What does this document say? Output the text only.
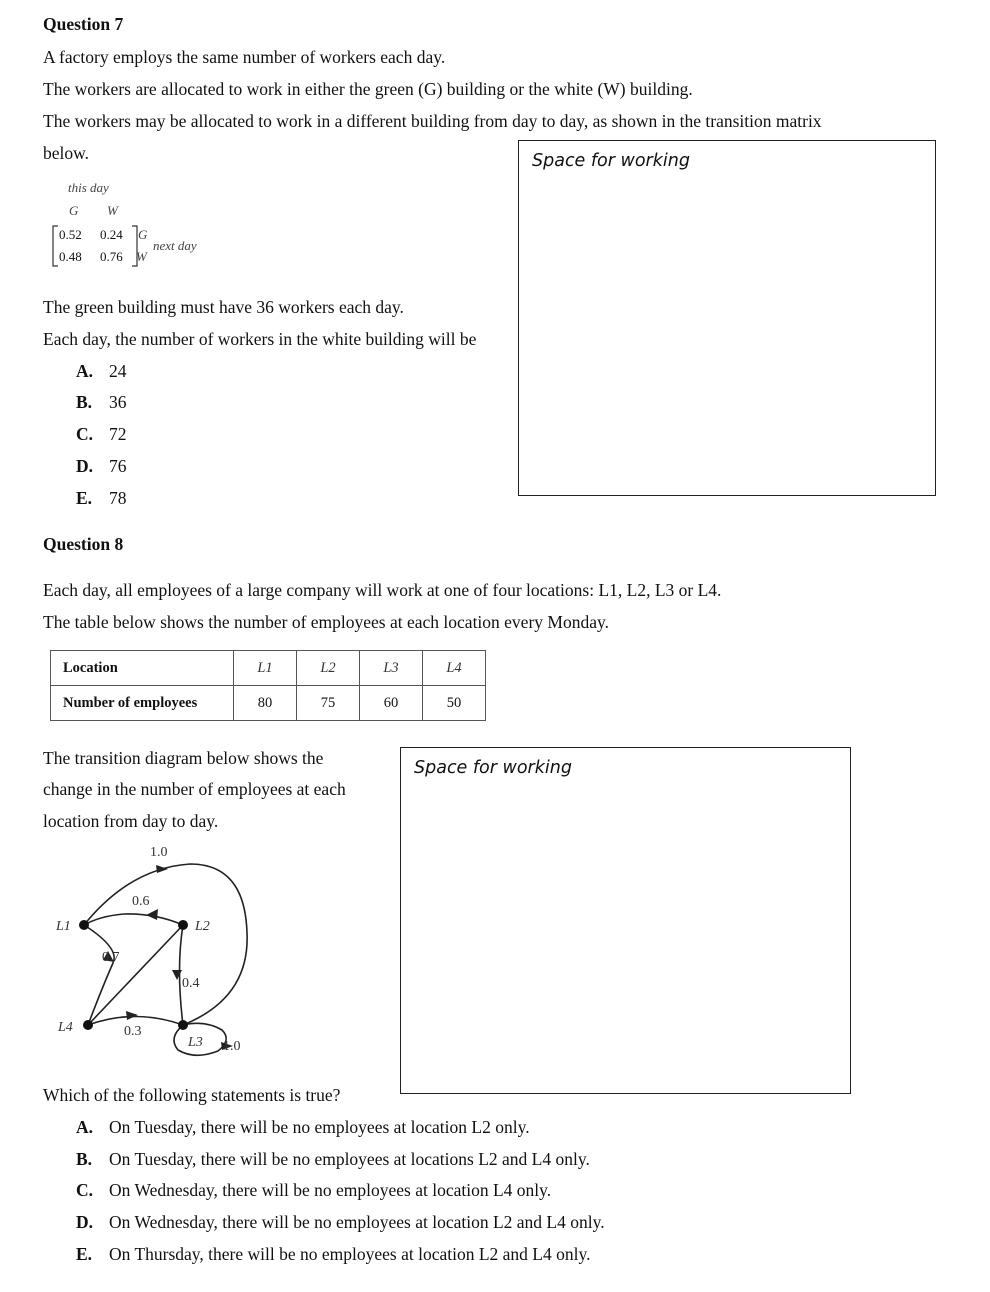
Question 7
A factory employs the same number of workers each day.
The workers are allocated to work in either the green (G) building or the white (W) building.
The workers may be allocated to work in a different building from day to day, as shown in the transition matrix
below.
this day
G W
0.52 0.24
0.48 0.76
G
W
next day
The green building must have 36 workers each day.
Each day, the number of workers in the white building will be
A. 24
B. 36
C. 72
D. 76
E. 78
Space for working
Question 8
Each day, all employees of a large company will work at one of four locations: L1, L2, L3 or L4.
The table below shows the number of employees at each location every Monday.
Location	L1	L2	L3	L4
Number of employees	80	75	60	50
The transition diagram below shows the
change in the number of employees at each
location from day to day.
1.0
0.6
0.7
0.4
0.3
1.0
L1	L2
L3
L4
Space for working
Which of the following statements is true?
A. On Tuesday, there will be no employees at location L2 only.
B. On Tuesday, there will be no employees at locations L2 and L4 only.
C. On Wednesday, there will be no employees at location L4 only.
D. On Wednesday, there will be no employees at location L2 and L4 only.
E. On Thursday, there will be no employees at location L2 and L4 only.
